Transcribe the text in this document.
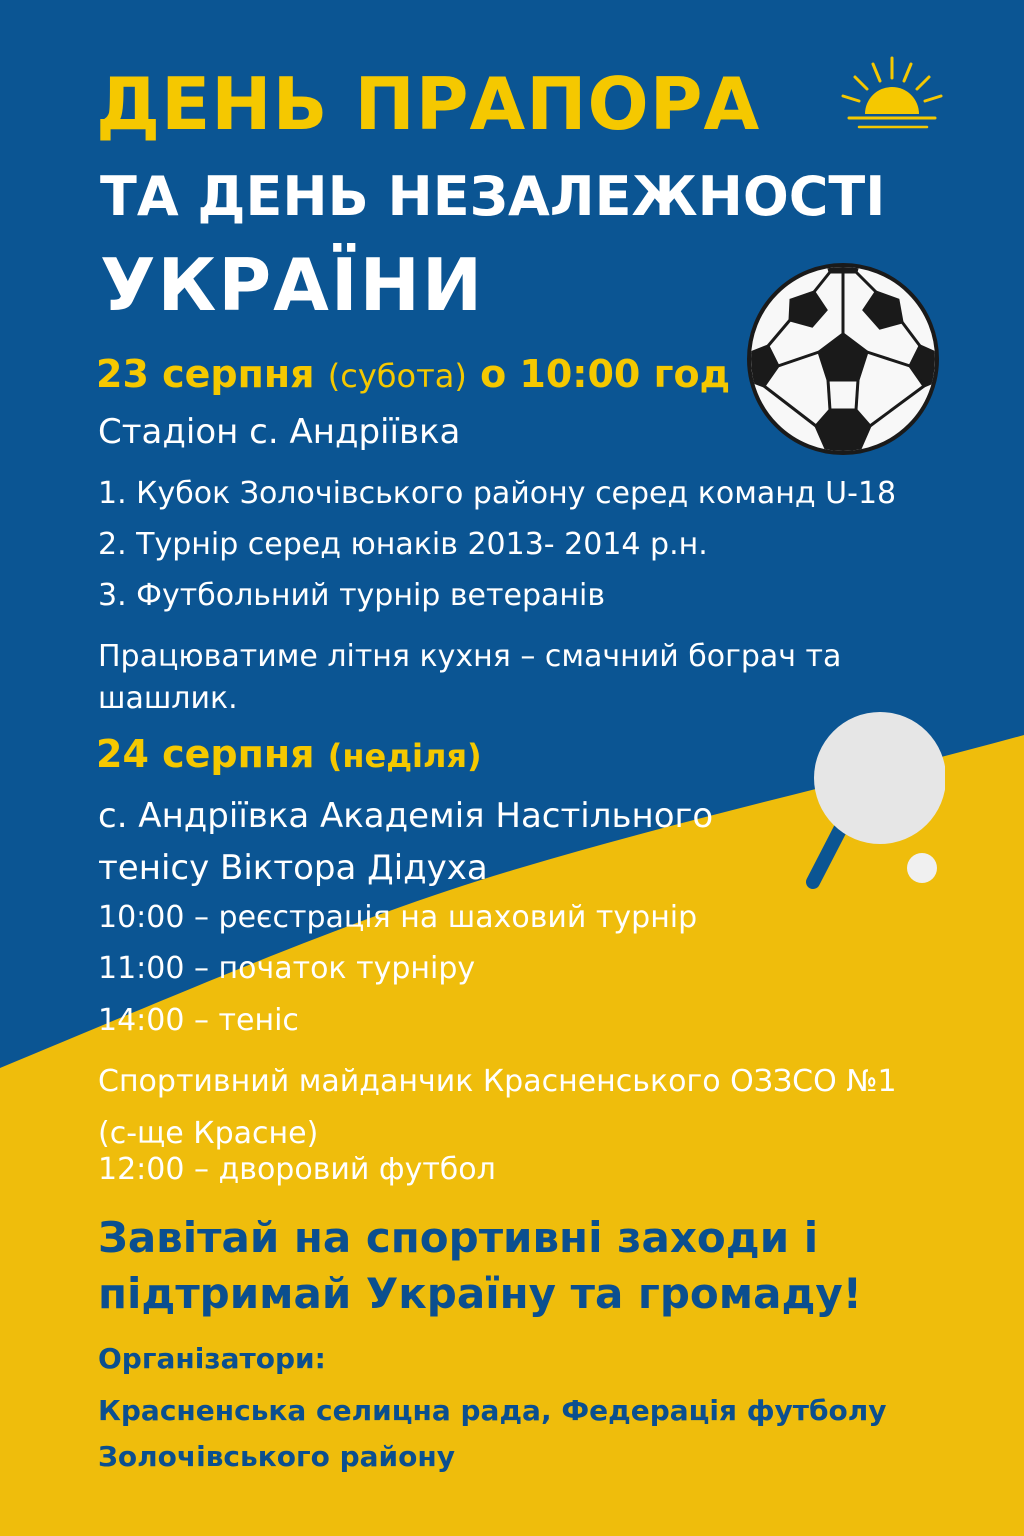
ДЕНЬ ПРАПОРА
ТА ДЕНЬ НЕЗАЛЕЖНОСТІ
УКРАЇНИ
23 серпня (субота) о 10:00 год
Стадіон с. Андріївка
1. Кубок Золочівського району серед команд U-18
2. Турнір серед юнаків 2013- 2014 р.н.
3. Футбольний турнір ветеранів
Працюватиме літня кухня – смачний бограч та шашлик.
24 серпня (неділя)
с. Андріївка Академія Настільного тенісу Віктора Дідуха
10:00 – реєстрація на шаховий турнір
11:00 – початок турніру
14:00 – теніс
Спортивний майданчик Красненського ОЗЗСО №1 (с-ще Красне)
12:00 – дворовий футбол
Завітай на спортивні заходи і підтримай Україну та громаду!
Організатори:
Красненська селицна рада, Федерація футболу Золочівського району
